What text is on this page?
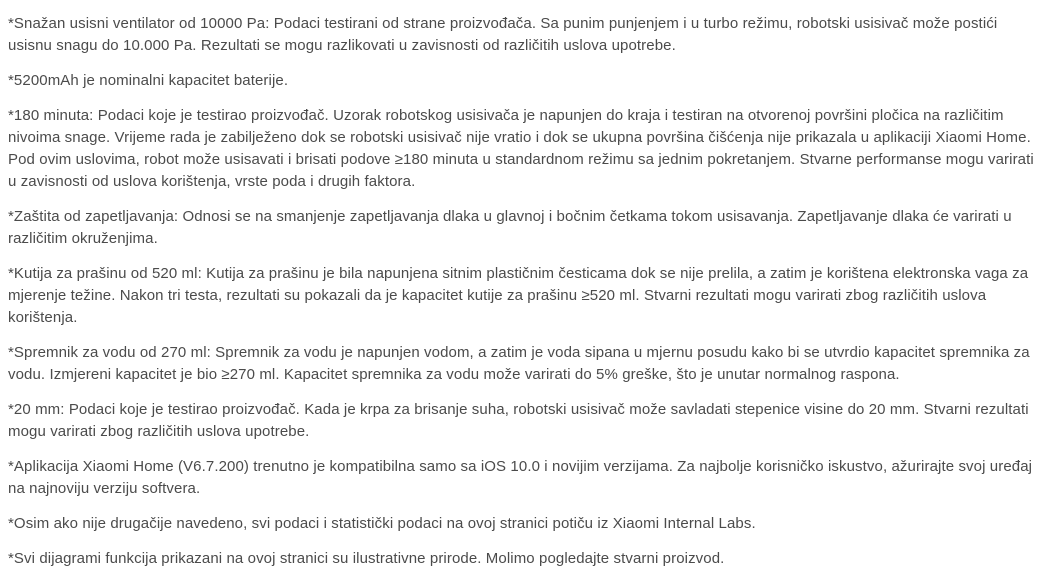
*Snažan usisni ventilator od 10000 Pa: Podaci testirani od strane proizvođača. Sa punim punjenjem i u turbo režimu, robotski usisivač može postići usisnu snagu do 10.000 Pa. Rezultati se mogu razlikovati u zavisnosti od različitih uslova upotrebe.

*5200mAh je nominalni kapacitet baterije.

*180 minuta: Podaci koje je testirao proizvođač. Uzorak robotskog usisivača je napunjen do kraja i testiran na otvorenoj površini pločica na različitim nivoima snage. Vrijeme rada je zabilježeno dok se robotski usisivač nije vratio i dok se ukupna površina čišćenja nije prikazala u aplikaciji Xiaomi Home. Pod ovim uslovima, robot može usisavati i brisati podove ≥180 minuta u standardnom režimu sa jednim pokretanjem. Stvarne performanse mogu varirati u zavisnosti od uslova korištenja, vrste poda i drugih faktora.

*Zaštita od zapetljavanja: Odnosi se na smanjenje zapetljavanja dlaka u glavnoj i bočnim četkama tokom usisavanja. Zapetljavanje dlaka će varirati u različitim okruženjima.

*Kutija za prašinu od 520 ml: Kutija za prašinu je bila napunjena sitnim plastičnim česticama dok se nije prelila, a zatim je korištena elektronska vaga za mjerenje težine. Nakon tri testa, rezultati su pokazali da je kapacitet kutije za prašinu ≥520 ml. Stvarni rezultati mogu varirati zbog različitih uslova korištenja.

*Spremnik za vodu od 270 ml: Spremnik za vodu je napunjen vodom, a zatim je voda sipana u mjernu posudu kako bi se utvrdio kapacitet spremnika za vodu. Izmjereni kapacitet je bio ≥270 ml. Kapacitet spremnika za vodu može varirati do 5% greške, što je unutar normalnog raspona.

*20 mm: Podaci koje je testirao proizvođač. Kada je krpa za brisanje suha, robotski usisivač može savladati stepenice visine do 20 mm. Stvarni rezultati mogu varirati zbog različitih uslova upotrebe.

*Aplikacija Xiaomi Home (V6.7.200) trenutno je kompatibilna samo sa iOS 10.0 i novijim verzijama. Za najbolje korisničko iskustvo, ažurirajte svoj uređaj na najnoviju verziju softvera.

*Osim ako nije drugačije navedeno, svi podaci i statistički podaci na ovoj stranici potiču iz Xiaomi Internal Labs.

*Svi dijagrami funkcija prikazani na ovoj stranici su ilustrativne prirode. Molimo pogledajte stvarni proizvod.
